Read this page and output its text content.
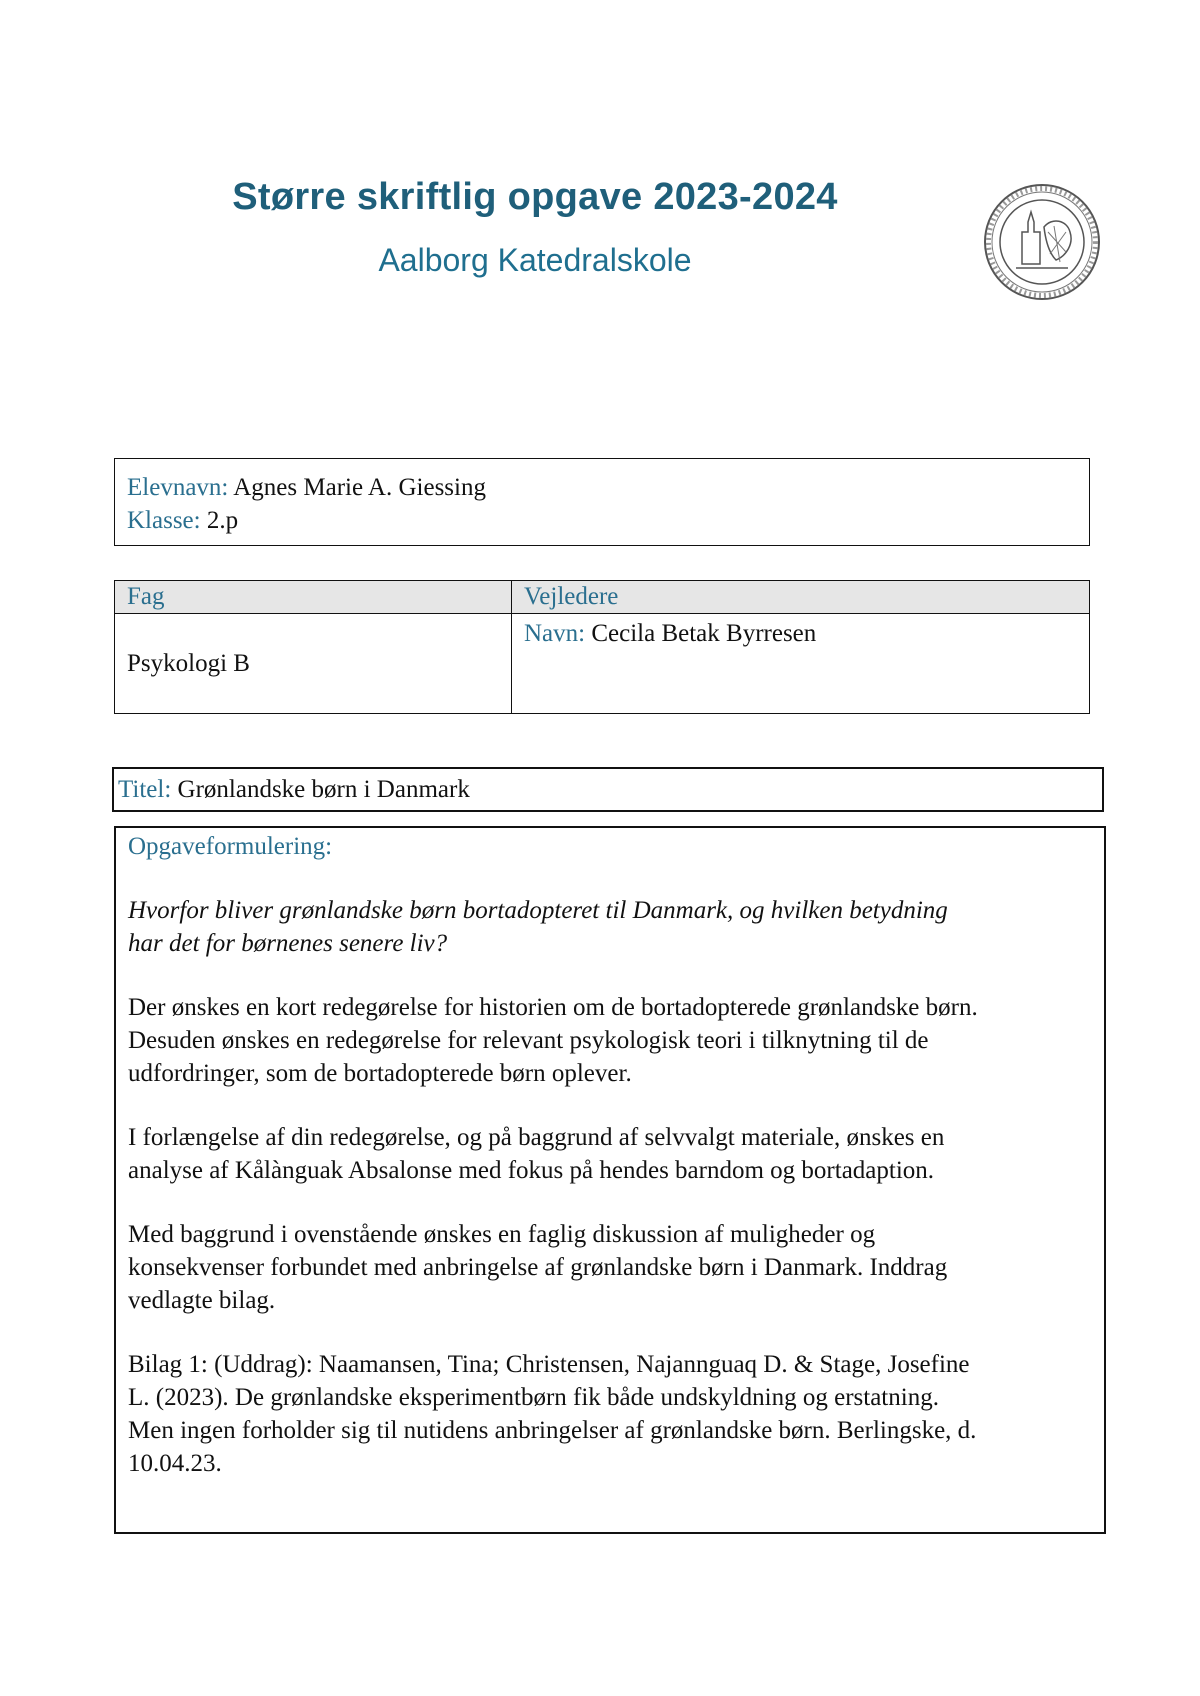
Større skriftlig opgave 2023-2024
Aalborg Katedralskole
Elevnavn: Agnes Marie A. Giessing
Klasse: 2.p
Fag	Vejledere
Psykologi B	Navn: Cecila Betak Byrresen
Titel: Grønlandske børn i Danmark

Opgaveformulering:

Hvorfor bliver grønlandske børn bortadopteret til Danmark, og hvilken betydning

har det for børnenes senere liv?

Der ønskes en kort redegørelse for historien om de bortadopterede grønlandske børn.

Desuden ønskes en redegørelse for relevant psykologisk teori i tilknytning til de

udfordringer, som de bortadopterede børn oplever.

I forlængelse af din redegørelse, og på baggrund af selvvalgt materiale, ønskes en

analyse af Kålànguak Absalonse med fokus på hendes barndom og bortadaption.

Med baggrund i ovenstående ønskes en faglig diskussion af muligheder og

konsekvenser forbundet med anbringelse af grønlandske børn i Danmark. Inddrag

vedlagte bilag.

Bilag 1: (Uddrag): Naamansen, Tina; Christensen, Najannguaq D. & Stage, Josefine

L. (2023). De grønlandske eksperimentbørn fik både undskyldning og erstatning.

Men ingen forholder sig til nutidens anbringelser af grønlandske børn. Berlingske, d.

10.04.23.
